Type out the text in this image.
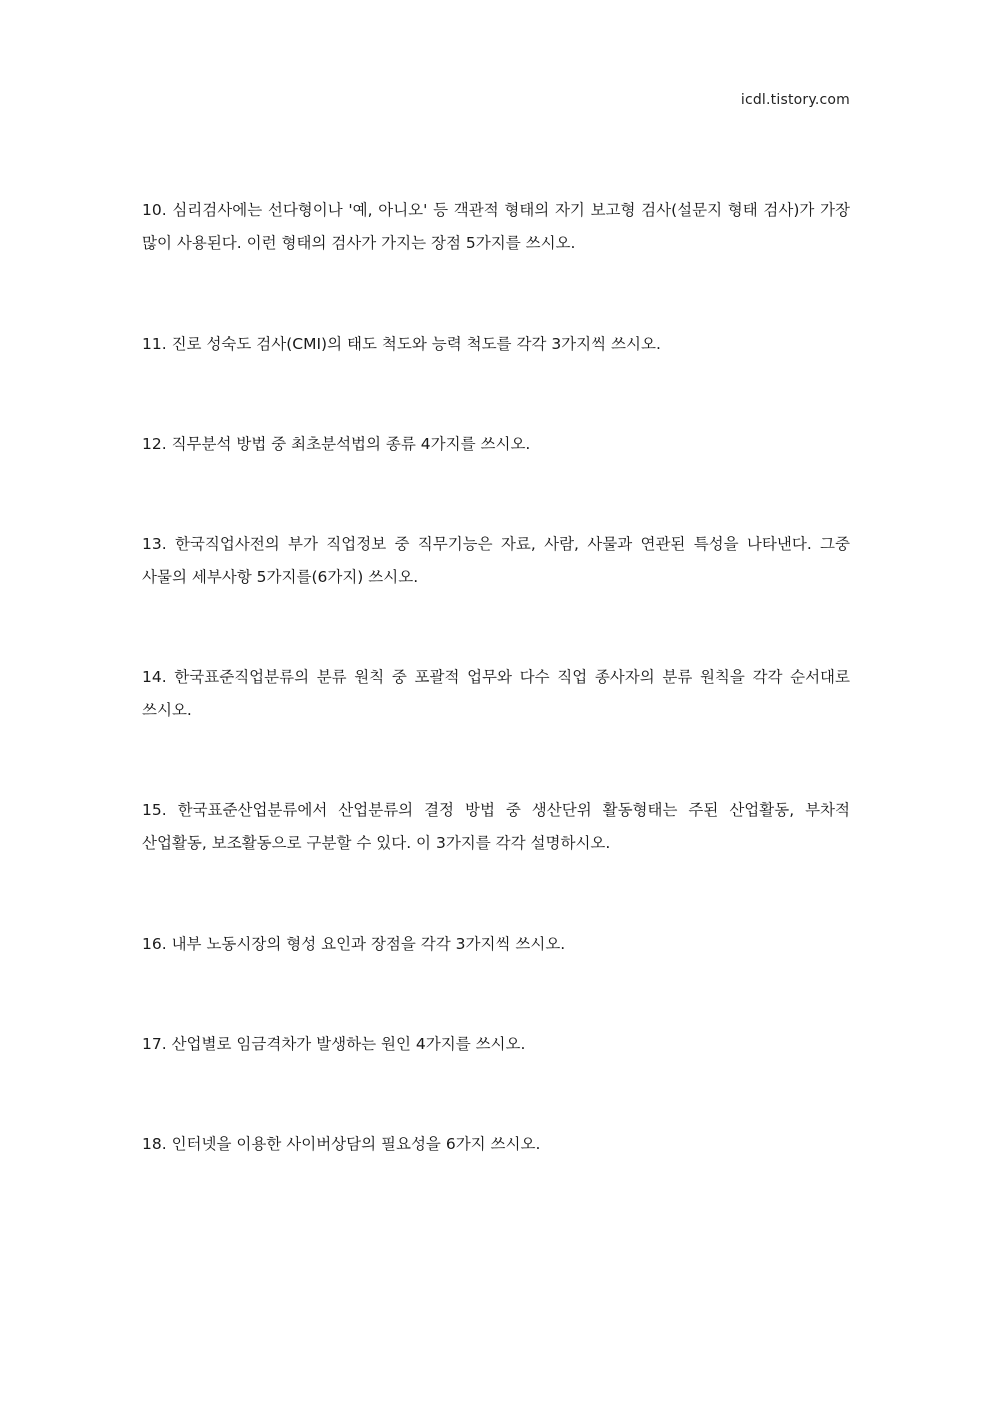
icdl.tistory.com

10. 심리검사에는 선다형이나 '예, 아니오' 등 객관적 형태의 자기 보고형 검사(설문지 형태 검사)가 가장 많이 사용된다. 이런 형태의 검사가 가지는 장점 5가지를 쓰시오.

11. 진로 성숙도 검사(CMI)의 태도 척도와 능력 척도를 각각 3가지씩 쓰시오.

12. 직무분석 방법 중 최초분석법의 종류 4가지를 쓰시오.

13. 한국직업사전의 부가 직업정보 중 직무기능은 자료, 사람, 사물과 연관된 특성을 나타낸다. 그중 사물의 세부사항 5가지를(6가지) 쓰시오.

14. 한국표준직업분류의 분류 원칙 중 포괄적 업무와 다수 직업 종사자의 분류 원칙을 각각 순서대로 쓰시오.

15. 한국표준산업분류에서 산업분류의 결정 방법 중 생산단위 활동형태는 주된 산업활동, 부차적 산업활동, 보조활동으로 구분할 수 있다. 이 3가지를 각각 설명하시오.

16. 내부 노동시장의 형성 요인과 장점을 각각 3가지씩 쓰시오.

17. 산업별로 임금격차가 발생하는 원인 4가지를 쓰시오.

18. 인터넷을 이용한 사이버상담의 필요성을 6가지 쓰시오.
